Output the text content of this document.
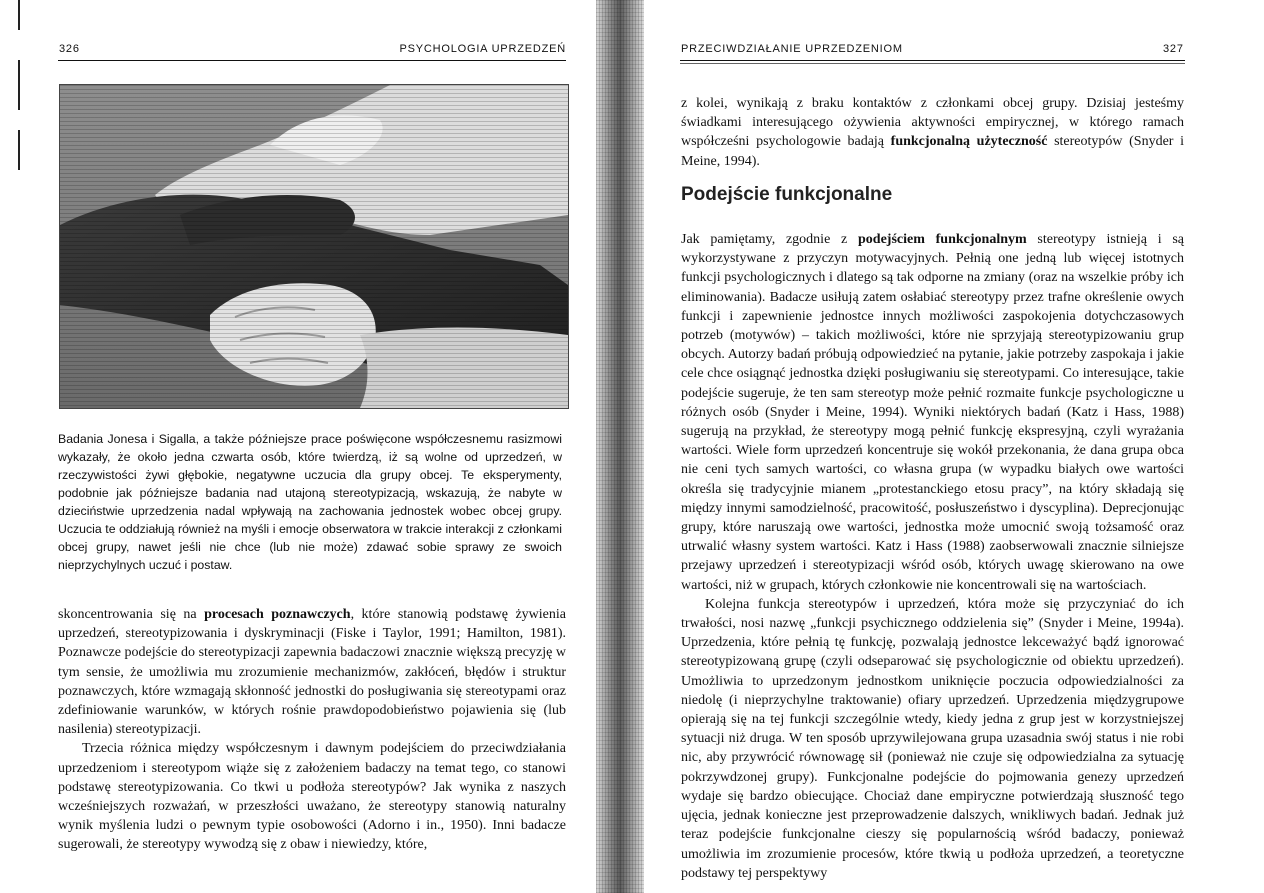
326	PSYCHOLOGIA UPRZEDZEŃ

Badania Jonesa i Sigalla, a także późniejsze prace poświęcone współczesnemu rasizmowi wykazały, że około jedna czwarta osób, które twierdzą, iż są wolne od uprzedzeń, w rzeczywistości żywi głębokie, negatywne uczucia dla grupy obcej. Te eksperymenty, podobnie jak późniejsze badania nad utajoną stereotypizacją, wskazują, że nabyte w dzieciństwie uprzedzenia nadal wpływają na zachowania jednostek wobec obcej grupy. Uczucia te oddziałują również na myśli i emocje obserwatora w trakcie interakcji z członkami obcej grupy, nawet jeśli nie chce (lub nie może) zdawać sobie sprawy ze swoich nieprzychylnych uczuć i postaw.

skoncentrowania się na procesach poznawczych, które stanowią podstawę żywienia uprzedzeń, stereotypizowania i dyskryminacji (Fiske i Taylor, 1991; Hamilton, 1981). Poznawcze podejście do stereotypizacji zapewnia badaczowi znacznie większą precyzję w tym sensie, że umożliwia mu zrozumienie mechanizmów, zakłóceń, błędów i struktur poznawczych, które wzmagają skłonność jednostki do posługiwania się stereotypami oraz zdefiniowanie warunków, w których rośnie prawdopodobieństwo pojawienia się (lub nasilenia) stereotypizacji.

Trzecia różnica między współczesnym i dawnym podejściem do przeciwdziałania uprzedzeniom i stereotypom wiąże się z założeniem badaczy na temat tego, co stanowi podstawę stereotypizowania. Co tkwi u podłoża stereotypów? Jak wynika z naszych wcześniejszych rozważań, w przeszłości uważano, że stereotypy stanowią naturalny wynik myślenia ludzi o pewnym typie osobowości (Adorno i in., 1950). Inni badacze sugerowali, że stereotypy wywodzą się z obaw i niewiedzy, które,

PRZECIWDZIAŁANIE UPRZEDZENIOM	327

z kolei, wynikają z braku kontaktów z członkami obcej grupy. Dzisiaj jesteśmy świadkami interesującego ożywienia aktywności empirycznej, w którego ramach współcześni psychologowie badają funkcjonalną użyteczność stereotypów (Snyder i Meine, 1994).

Podejście funkcjonalne

Jak pamiętamy, zgodnie z podejściem funkcjonalnym stereotypy istnieją i są wykorzystywane z przyczyn motywacyjnych. Pełnią one jedną lub więcej istotnych funkcji psychologicznych i dlatego są tak odporne na zmiany (oraz na wszelkie próby ich eliminowania). Badacze usiłują zatem osłabiać stereotypy przez trafne określenie owych funkcji i zapewnienie jednostce innych możliwości zaspokojenia dotychczasowych potrzeb (motywów) – takich możliwości, które nie sprzyjają stereotypizowaniu grup obcych. Autorzy badań próbują odpowiedzieć na pytanie, jakie potrzeby zaspokaja i jakie cele chce osiągnąć jednostka dzięki posługiwaniu się stereotypami. Co interesujące, takie podejście sugeruje, że ten sam stereotyp może pełnić rozmaite funkcje psychologiczne u różnych osób (Snyder i Meine, 1994). Wyniki niektórych badań (Katz i Hass, 1988) sugerują na przykład, że stereotypy mogą pełnić funkcję ekspresyjną, czyli wyrażania wartości. Wiele form uprzedzeń koncentruje się wokół przekonania, że dana grupa obca nie ceni tych samych wartości, co własna grupa (w wypadku białych owe wartości określa się tradycyjnie mianem „protestanckiego etosu pracy”, na który składają się między innymi samodzielność, pracowitość, posłuszeństwo i dyscyplina). Deprecjonując grupy, które naruszają owe wartości, jednostka może umocnić swoją tożsamość oraz utrwalić własny system wartości. Katz i Hass (1988) zaobserwowali znacznie silniejsze przejawy uprzedzeń i stereotypizacji wśród osób, których uwagę skierowano na owe wartości, niż w grupach, których członkowie nie koncentrowali się na wartościach.

Kolejna funkcja stereotypów i uprzedzeń, która może się przyczyniać do ich trwałości, nosi nazwę „funkcji psychicznego oddzielenia się” (Snyder i Meine, 1994a). Uprzedzenia, które pełnią tę funkcję, pozwalają jednostce lekceważyć bądź ignorować stereotypizowaną grupę (czyli odseparować się psychologicznie od obiektu uprzedzeń). Umożliwia to uprzedzonym jednostkom uniknięcie poczucia odpowiedzialności za niedolę (i nieprzychylne traktowanie) ofiary uprzedzeń. Uprzedzenia międzygrupowe opierają się na tej funkcji szczególnie wtedy, kiedy jedna z grup jest w korzystniejszej sytuacji niż druga. W ten sposób uprzywilejowana grupa uzasadnia swój status i nie robi nic, aby przywrócić równowagę sił (ponieważ nie czuje się odpowiedzialna za sytuację pokrzywdzonej grupy). Funkcjonalne podejście do pojmowania genezy uprzedzeń wydaje się bardzo obiecujące. Chociaż dane empiryczne potwierdzają słuszność tego ujęcia, jednak konieczne jest przeprowadzenie dalszych, wnikliwych badań. Jednak już teraz podejście funkcjonalne cieszy się popularnością wśród badaczy, ponieważ umożliwia im zrozumienie procesów, które tkwią u podłoża uprzedzeń, a teoretyczne podstawy tej perspektywy
